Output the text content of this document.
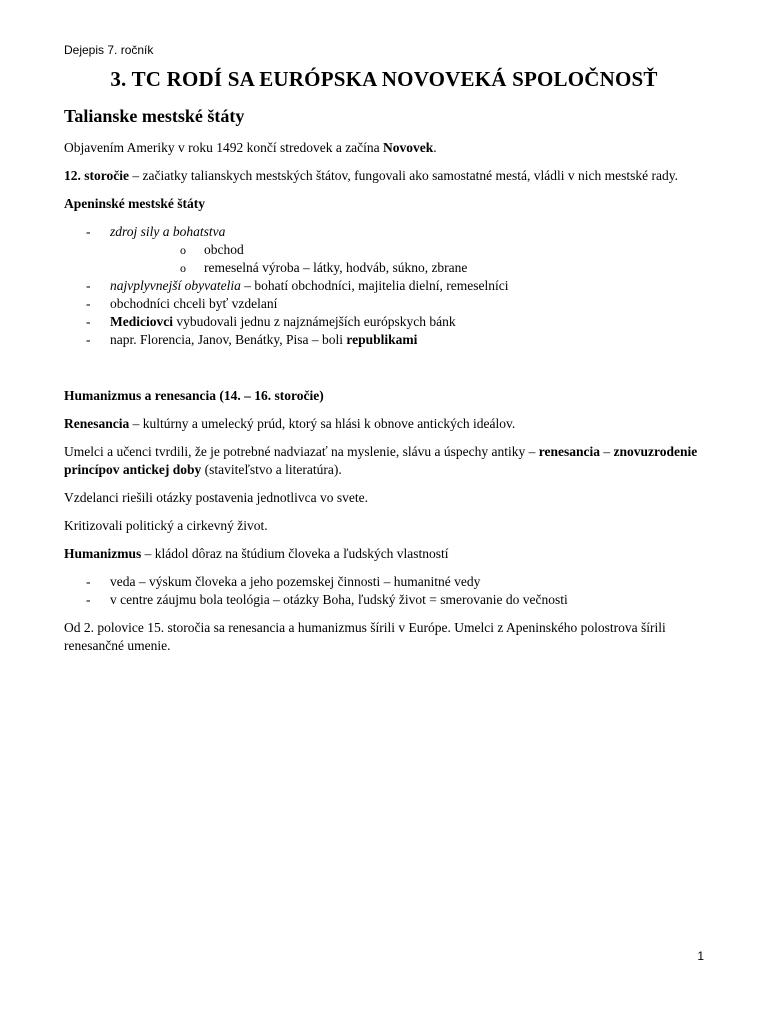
Dejepis 7. ročník
3. TC RODÍ SA EURÓPSKA NOVOVEKÁ SPOLOČNOSŤ
Talianske mestské štáty

Objavením Ameriky v roku 1492 končí stredovek a začína Novovek.

12. storočie – začiatky talianskych mestských štátov, fungovali ako samostatné mestá, vládli v nich mestské rady.

Apeninské mestské štáty

- zdroj sily a bohatstva
o obchod
o remeselná výroba – látky, hodváb, súkno, zbrane
- najvplyvnejší obyvatelia – bohatí obchodníci, majitelia dielní, remeselníci
- obchodníci chceli byť vzdelaní
- Mediciovci vybudovali jednu z najznámejších európskych bánk
- napr. Florencia, Janov, Benátky, Pisa – boli republikami

Humanizmus a renesancia (14. – 16. storočie)

Renesancia – kultúrny a umelecký prúd, ktorý sa hlási k obnove antických ideálov.

Umelci a učenci tvrdili, že je potrebné nadviazať na myslenie, slávu a úspechy antiky – renesancia – znovuzrodenie princípov antickej doby (staviteľstvo a literatúra).

Vzdelanci riešili otázky postavenia jednotlivca vo svete.

Kritizovali politický a cirkevný život.

Humanizmus – kládol dôraz na štúdium človeka a ľudských vlastností

- veda – výskum človeka a jeho pozemskej činnosti – humanitné vedy
- v centre záujmu bola teológia – otázky Boha, ľudský život = smerovanie do večnosti

Od 2. polovice 15. storočia sa renesancia a humanizmus šírili v Európe. Umelci z Apeninského polostrova šírili renesančné umenie.

1
